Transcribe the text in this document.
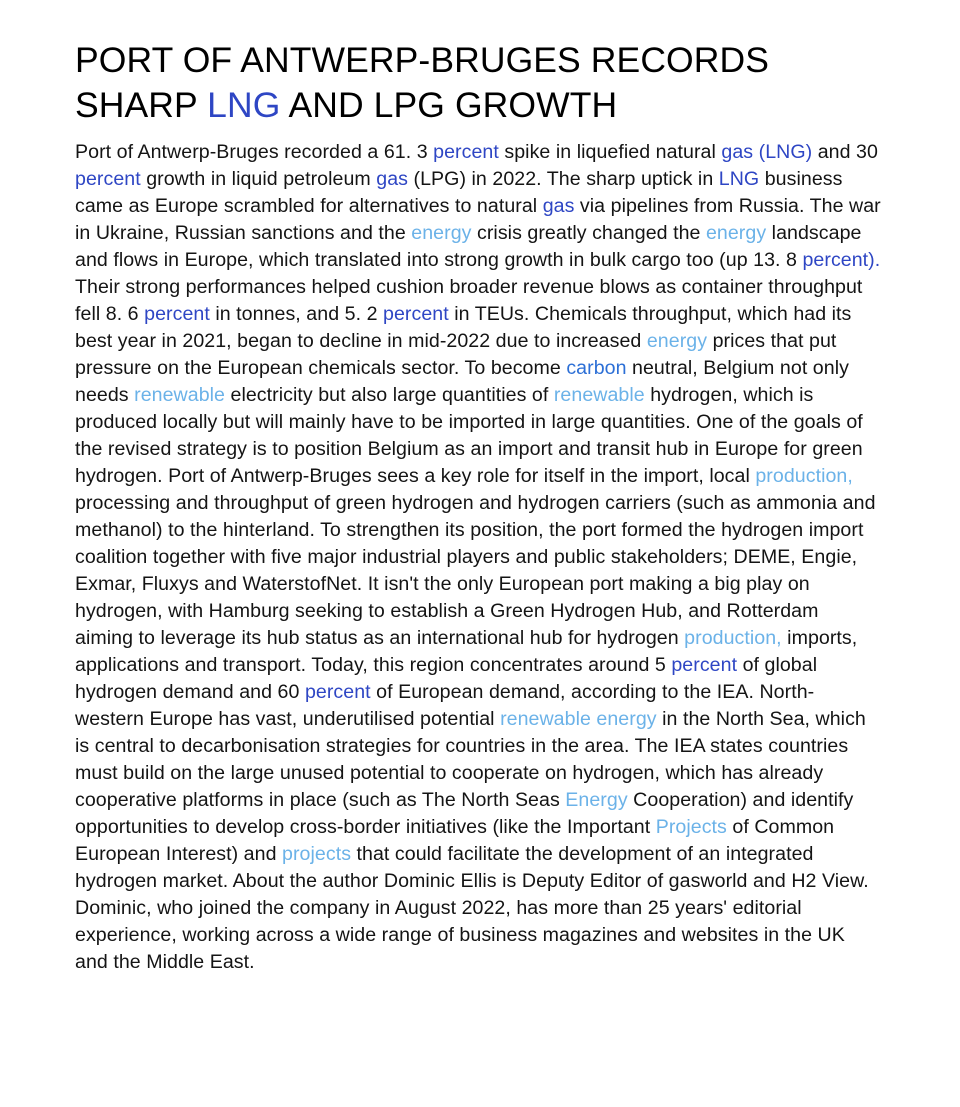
PORT OF ANTWERP-BRUGES RECORDS SHARP LNG AND LPG GROWTH

Port of Antwerp-Bruges recorded a 61. 3 percent spike in liquefied natural gas (LNG) and 30 percent growth in liquid petroleum gas (LPG) in 2022. The sharp uptick in LNG business came as Europe scrambled for alternatives to natural gas via pipelines from Russia. The war in Ukraine, Russian sanctions and the energy crisis greatly changed the energy landscape and flows in Europe, which translated into strong growth in bulk cargo too (up 13. 8 percent). Their strong performances helped cushion broader revenue blows as container throughput fell 8. 6 percent in tonnes, and 5. 2 percent in TEUs. Chemicals throughput, which had its best year in 2021, began to decline in mid-2022 due to increased energy prices that put pressure on the European chemicals sector. To become carbon neutral, Belgium not only needs renewable electricity but also large quantities of renewable hydrogen, which is produced locally but will mainly have to be imported in large quantities. One of the goals of the revised strategy is to position Belgium as an import and transit hub in Europe for green hydrogen. Port of Antwerp-Bruges sees a key role for itself in the import, local production, processing and throughput of green hydrogen and hydrogen carriers (such as ammonia and methanol) to the hinterland. To strengthen its position, the port formed the hydrogen import coalition together with five major industrial players and public stakeholders; DEME, Engie, Exmar, Fluxys and WaterstofNet. It isn't the only European port making a big play on hydrogen, with Hamburg seeking to establish a Green Hydrogen Hub, and Rotterdam aiming to leverage its hub status as an international hub for hydrogen production, imports, applications and transport. Today, this region concentrates around 5 percent of global hydrogen demand and 60 percent of European demand, according to the IEA. North-western Europe has vast, underutilised potential renewable energy in the North Sea, which is central to decarbonisation strategies for countries in the area. The IEA states countries must build on the large unused potential to cooperate on hydrogen, which has already cooperative platforms in place (such as The North Seas Energy Cooperation) and identify opportunities to develop cross-border initiatives (like the Important Projects of Common European Interest) and projects that could facilitate the development of an integrated hydrogen market. About the author Dominic Ellis is Deputy Editor of gasworld and H2 View. Dominic, who joined the company in August 2022, has more than 25 years' editorial experience, working across a wide range of business magazines and websites in the UK and the Middle East.
